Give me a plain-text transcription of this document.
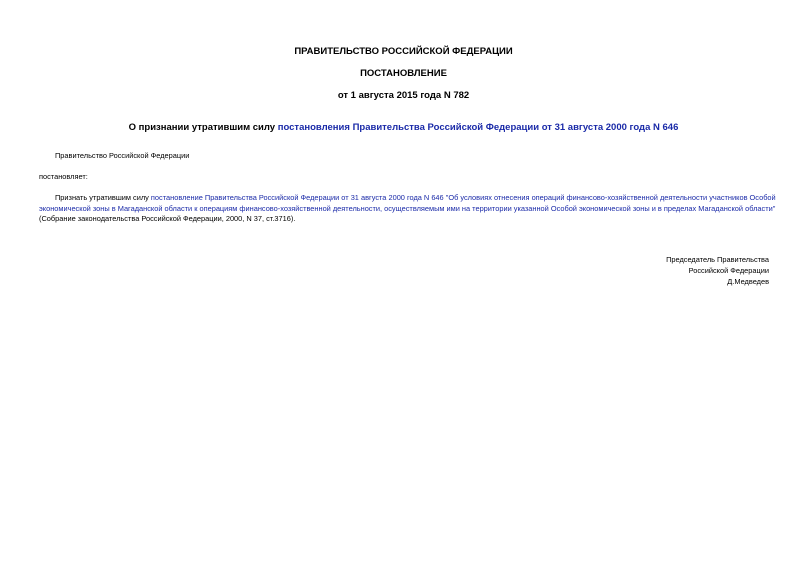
ПРАВИТЕЛЬСТВО РОССИЙСКОЙ ФЕДЕРАЦИИ
ПОСТАНОВЛЕНИЕ
от 1 августа 2015 года N 782
О признании утратившим силу постановления Правительства Российской Федерации от 31 августа 2000 года N 646
Правительство Российской Федерации
постановляет:
Признать утратившим силу постановление Правительства Российской Федерации от 31 августа 2000 года N 646 "Об условиях отнесения операций финансово-хозяйственной деятельности участников Особой
экономической зоны в Магаданской области к операциям финансово-хозяйственной деятельности, осуществляемым ими на территории указанной Особой экономической зоны и в пределах Магаданской области"
(Собрание законодательства Российской Федерации, 2000, N 37, ст.3716).
Председатель Правительства
Российской Федерации
Д.Медведев
